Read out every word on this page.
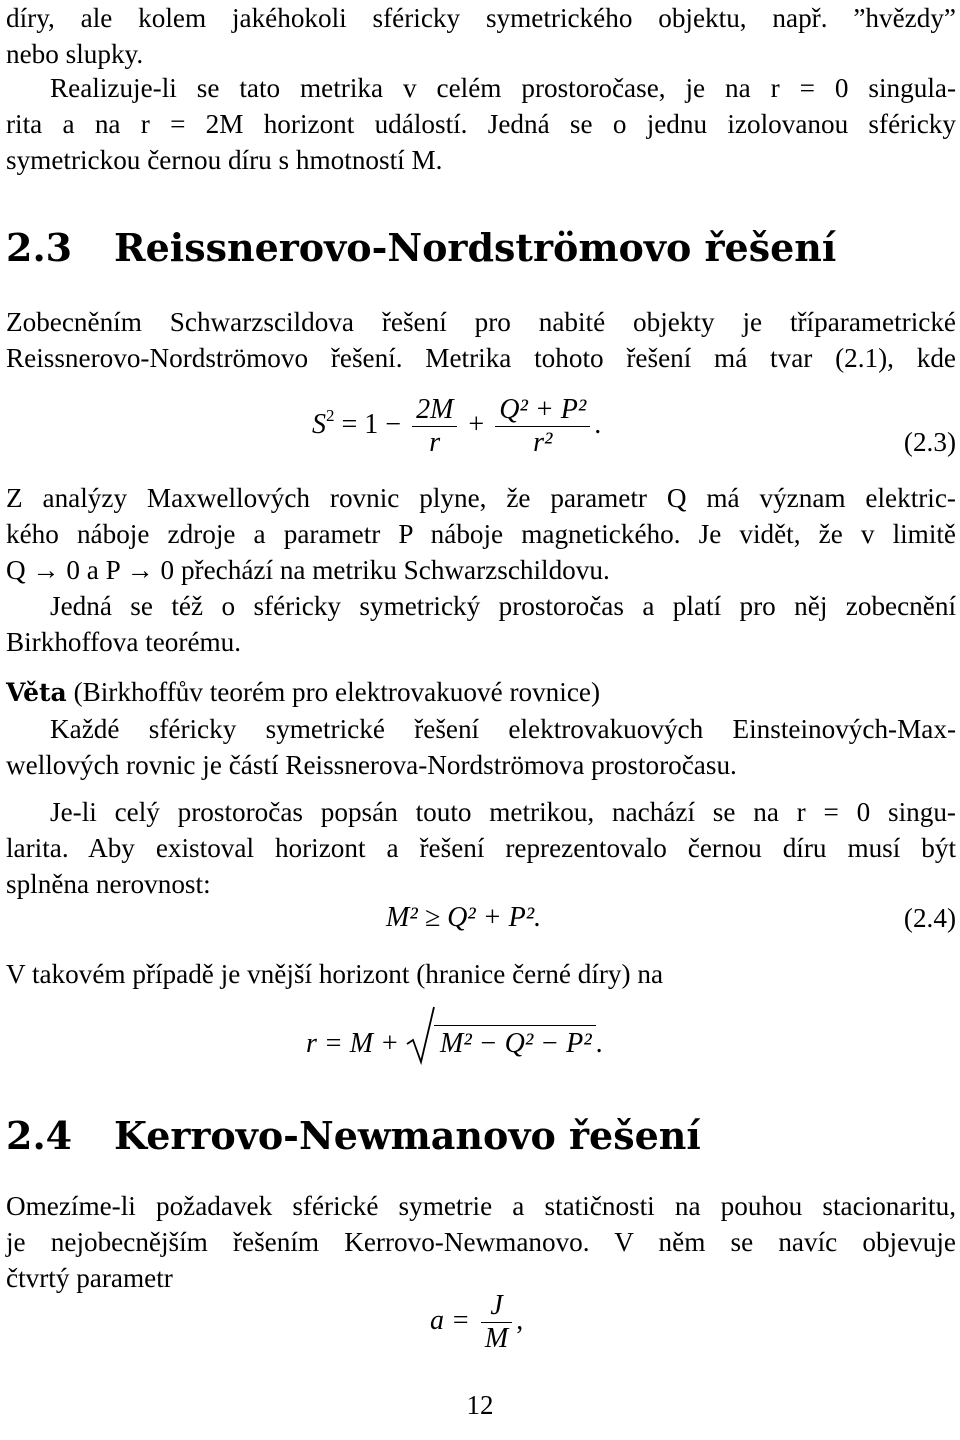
díry, ale kolem jakéhokoli sféricky symetrického objektu, např. ”hvězdy”
nebo slupky.

Realizuje-li se tato metrika v celém prostoročase, je na r = 0 singula-
rita a na r = 2M horizont událostí. Jedná se o jednu izolovanou sféricky
symetrickou černou díru s hmotností M.

2.3 Reissnerovo-Nordströmovo řešení

Zobecněním Schwarzscildova řešení pro nabité objekty je tříparametrické
Reissnerovo-Nordströmovo řešení. Metrika tohoto řešení má tvar (2.1), kde

$S^2 = 1 - \frac{2M}{r} + \frac{\text{Q² + P²}}{\text{r²}}$ .
(2.3)

Z analýzy Maxwellových rovnic plyne, že parametr Q má význam elektric-
kého náboje zdroje a parametr P náboje magnetického. Je vidět, že v limitě
Q → 0 a P → 0 přechází na metriku Schwarzschildovu.

Jedná se též o sféricky symetrický prostoročas a platí pro něj zobecnění
Birkhoffova teorému.

Věta (Birkhoffův teorém pro elektrovakuové rovnice)
Každé sféricky symetrické řešení elektrovakuových Einsteinových-Max-
wellových rovnic je částí Reissnerova-Nordströmova prostoročasu.

Je-li celý prostoročas popsán touto metrikou, nachází se na r = 0 singu-
larita. Aby existoval horizont a řešení reprezentovalo černou díru musí být
splněna nerovnost:

M² ≥ Q² + P².	(2.4)

V takovém případě je vnější horizont (hranice černé díry) na

r = M + M² − Q² − P² .
2.4 Kerrovo-Newmanovo řešení

Omezíme-li požadavek sférické symetrie a statičnosti na pouhou stacionaritu,
je nejobecnějším řešením Kerrovo-Newmanovo. V něm se navíc objevuje
čtvrtý parametr

$a = \frac{J}{M}$ ,
12
